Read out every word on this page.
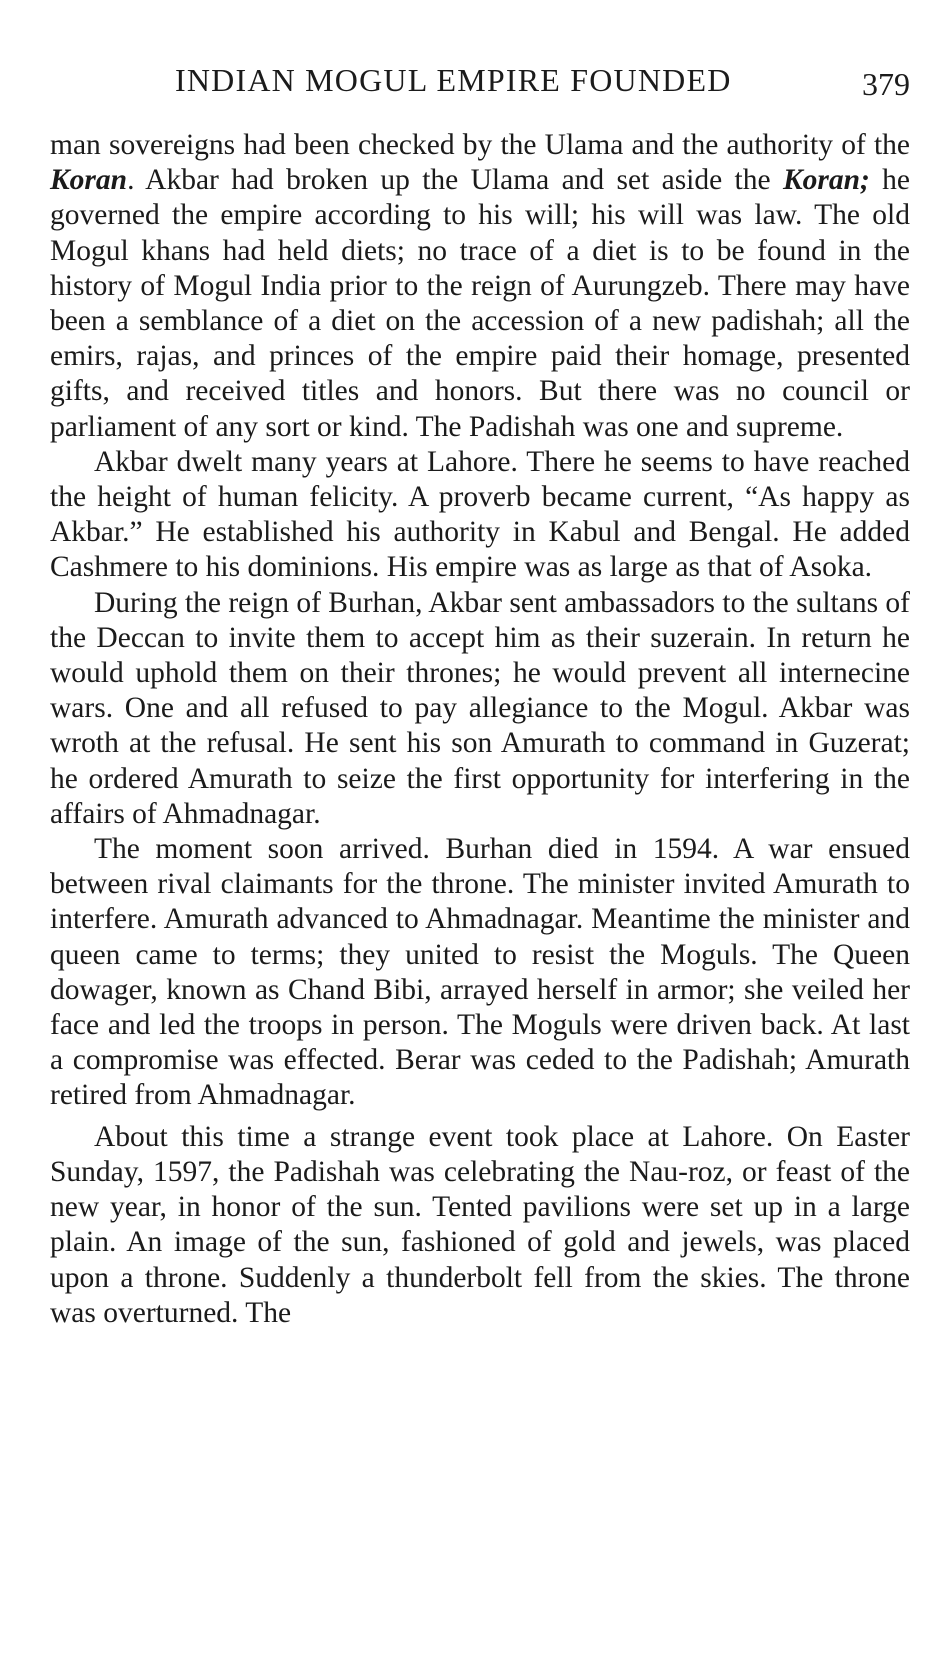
INDIAN MOGUL EMPIRE FOUNDED	379

man sovereigns had been checked by the Ulama and the authority of the Koran. Akbar had broken up the Ulama and set aside the Koran; he governed the empire according to his will; his will was law. The old Mogul khans had held diets; no trace of a diet is to be found in the history of Mogul India prior to the reign of Aurungzeb. There may have been a semblance of a diet on the accession of a new padishah; all the emirs, rajas, and princes of the empire paid their homage, presented gifts, and received titles and honors. But there was no council or parliament of any sort or kind. The Padishah was one and supreme.

Akbar dwelt many years at Lahore. There he seems to have reached the height of human felicity. A proverb became current, “As happy as Akbar.” He established his authority in Kabul and Bengal. He added Cashmere to his dominions. His empire was as large as that of Asoka.

During the reign of Burhan, Akbar sent ambassadors to the sultans of the Deccan to invite them to accept him as their suzerain. In return he would uphold them on their thrones; he would prevent all internecine wars. One and all refused to pay allegiance to the Mogul. Akbar was wroth at the refusal. He sent his son Amurath to command in Guzerat; he ordered Amurath to seize the first opportunity for interfering in the affairs of Ahmadnagar.

The moment soon arrived. Burhan died in 1594. A war ensued between rival claimants for the throne. The minister invited Amurath to interfere. Amurath advanced to Ahmadnagar. Meantime the minister and queen came to terms; they united to resist the Moguls. The Queen dowager, known as Chand Bibi, arrayed herself in armor; she veiled her face and led the troops in person. The Moguls were driven back. At last a compromise was effected. Berar was ceded to the Padishah; Amurath retired from Ahmadnagar.

About this time a strange event took place at Lahore. On Easter Sunday, 1597, the Padishah was celebrating the Nau-roz, or feast of the new year, in honor of the sun. Tented pavilions were set up in a large plain. An image of the sun, fashioned of gold and jewels, was placed upon a throne. Suddenly a thunderbolt fell from the skies. The throne was overturned. The
